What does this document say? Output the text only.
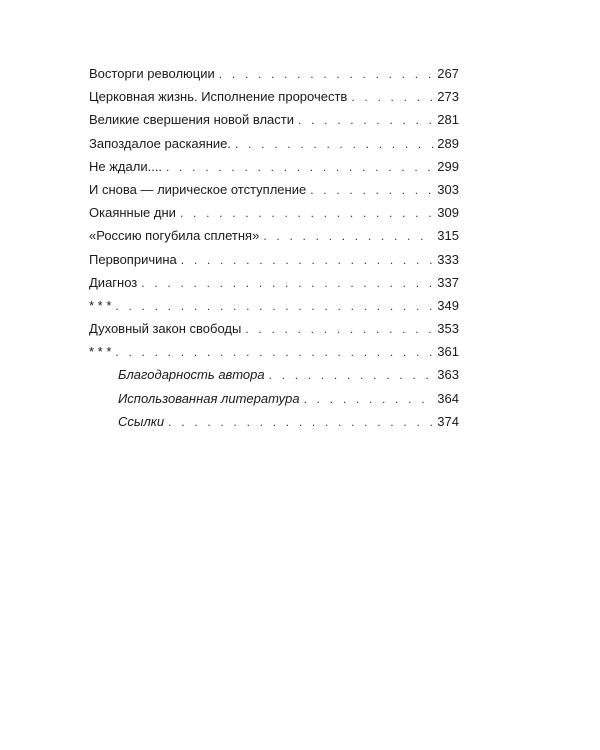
Восторги революции . . .	267
Церковная жизнь. Исполнение пророчеств . . .	273
Великие свершения новой власти . . .	281
Запоздалое раскаяние. . . .	289
Не ждали.... . . .	299
И снова — лирическое отступление . . .	303
Окаянные дни . . .	309
«Россию погубила сплетня» . . .	315
Первопричина . . .	333
Диагноз . . .	337
* * * . . .	349
Духовный закон свободы . . .	353
* * * . . .	361
Благодарность автора . . .	363
Использованная литература . . .	364
Ссылки . . .	374
